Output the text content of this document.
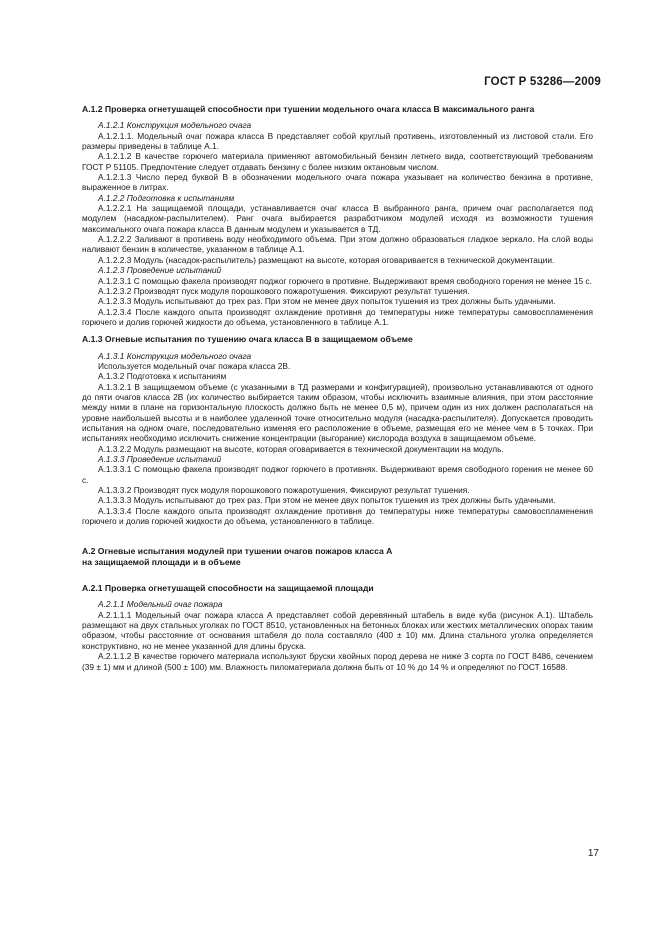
ГОСТ Р 53286—2009

А.1.2 Проверка огнетушащей способности при тушении модельного очага класса В максимального ранга

А.1.2.1 Конструкция модельного очага

А.1.2.1.1. Модельный очаг пожара класса В представляет собой круглый противень, изготовленный из листовой стали. Его размеры приведены в таблице А.1.

А.1.2.1.2 В качестве горючего материала применяют автомобильный бензин летнего вида, соответствующий требованиям ГОСТ Р 51105. Предпочтение следует отдавать бензину с более низким октановым числом.

А.1.2.1.3 Число перед буквой В в обозначении модельного очага пожара указывает на количество бензина в противне, выраженное в литрах.

А.1.2.2 Подготовка к испытаниям

А.1.2.2.1 На защищаемой площади, устанавливается очаг класса В выбранного ранга, причем очаг располагается под модулем (насадком-распылителем). Ранг очага выбирается разработчиком модулей исходя из возможности тушения максимального очага пожара класса В данным модулем и указывается в ТД.

А.1.2.2.2 Заливают в противень воду необходимого объема. При этом должно образоваться гладкое зеркало. На слой воды наливают бензин в количестве, указанном в таблице А.1.

А.1.2.2.3 Модуль (насадок-распылитель) размещают на высоте, которая оговаривается в технической документации.

А.1.2.3 Проведение испытаний

А.1.2.3.1 С помощью факела производят поджог горючего в противне. Выдерживают время свободного горения не менее 15 с.

А.1.2.3.2 Производят пуск модуля порошкового пожаротушения. Фиксируют результат тушения.

А.1.2.3.3 Модуль испытывают до трех раз. При этом не менее двух попыток тушения из трех должны быть удачными.

А.1.2.3.4 После каждого опыта производят охлаждение противня до температуры ниже температуры самовоспламенения горючего и долив горючей жидкости до объема, установленного в таблице А.1.

А.1.3 Огневые испытания по тушению очага класса В в защищаемом объеме

А.1.3.1 Конструкция модельного очага

Используется модельный очаг пожара класса 2В.

А.1.3.2 Подготовка к испытаниям

А.1.3.2.1 В защищаемом объеме (с указанными в ТД размерами и конфигурацией), произвольно устанавливаются от одного до пяти очагов класса 2В (их количество выбирается таким образом, чтобы исключить взаимные влияния, при этом расстояние между ними в плане на горизонтальную плоскость должно быть не менее 0,5 м), причем один из них должен располагаться на уровне наибольшей высоты и в наиболее удаленной точке относительно модуля (насадка-распылителя). Допускается проводить испытания на одном очаге, последовательно изменяя его расположение в объеме, размещая его не менее чем в 5 точках. При испытаниях необходимо исключить снижение концентрации (выгорание) кислорода воздуха в защищаемом объеме.

А.1.3.2.2 Модуль размещают на высоте, которая оговаривается в технической документации на модуль.

А.1.3.3 Проведение испытаний

А.1.3.3.1 С помощью факела производят поджог горючего в противнях. Выдерживают время свободного горения не менее 60 с.

А.1.3.3.2 Производят пуск модуля порошкового пожаротушения. Фиксируют результат тушения.

А.1.3.3.3 Модуль испытывают до трех раз. При этом не менее двух попыток тушения из трех должны быть удачными.

А.1.3.3.4 После каждого опыта производят охлаждение противня до температуры ниже температуры самовоспламенения горючего и долив горючей жидкости до объема, установленного в таблице.

А.2 Огневые испытания модулей при тушении очагов пожаров класса А
на защищаемой площади и в объеме

А.2.1 Проверка огнетушащей способности на защищаемой площади

А.2.1.1 Модельный очаг пожара

А.2.1.1.1 Модельный очаг пожара класса А представляет собой деревянный штабель в виде куба (рисунок А.1). Штабель размещают на двух стальных уголках по ГОСТ 8510, установленных на бетонных блоках или жестких металлических опорах таким образом, чтобы расстояние от основания штабеля до пола составляло (400 ± 10) мм. Длина стального уголка определяется конструктивно, но не менее указанной для длины бруска.

А.2.1.1.2 В качестве горючего материала используют бруски хвойных пород дерева не ниже 3 сорта по ГОСТ 8486, сечением (39 ± 1) мм и длиной (500 ± 100) мм. Влажность пиломатериала должна быть от 10 % до 14 % и определяют по ГОСТ 16588.

17
